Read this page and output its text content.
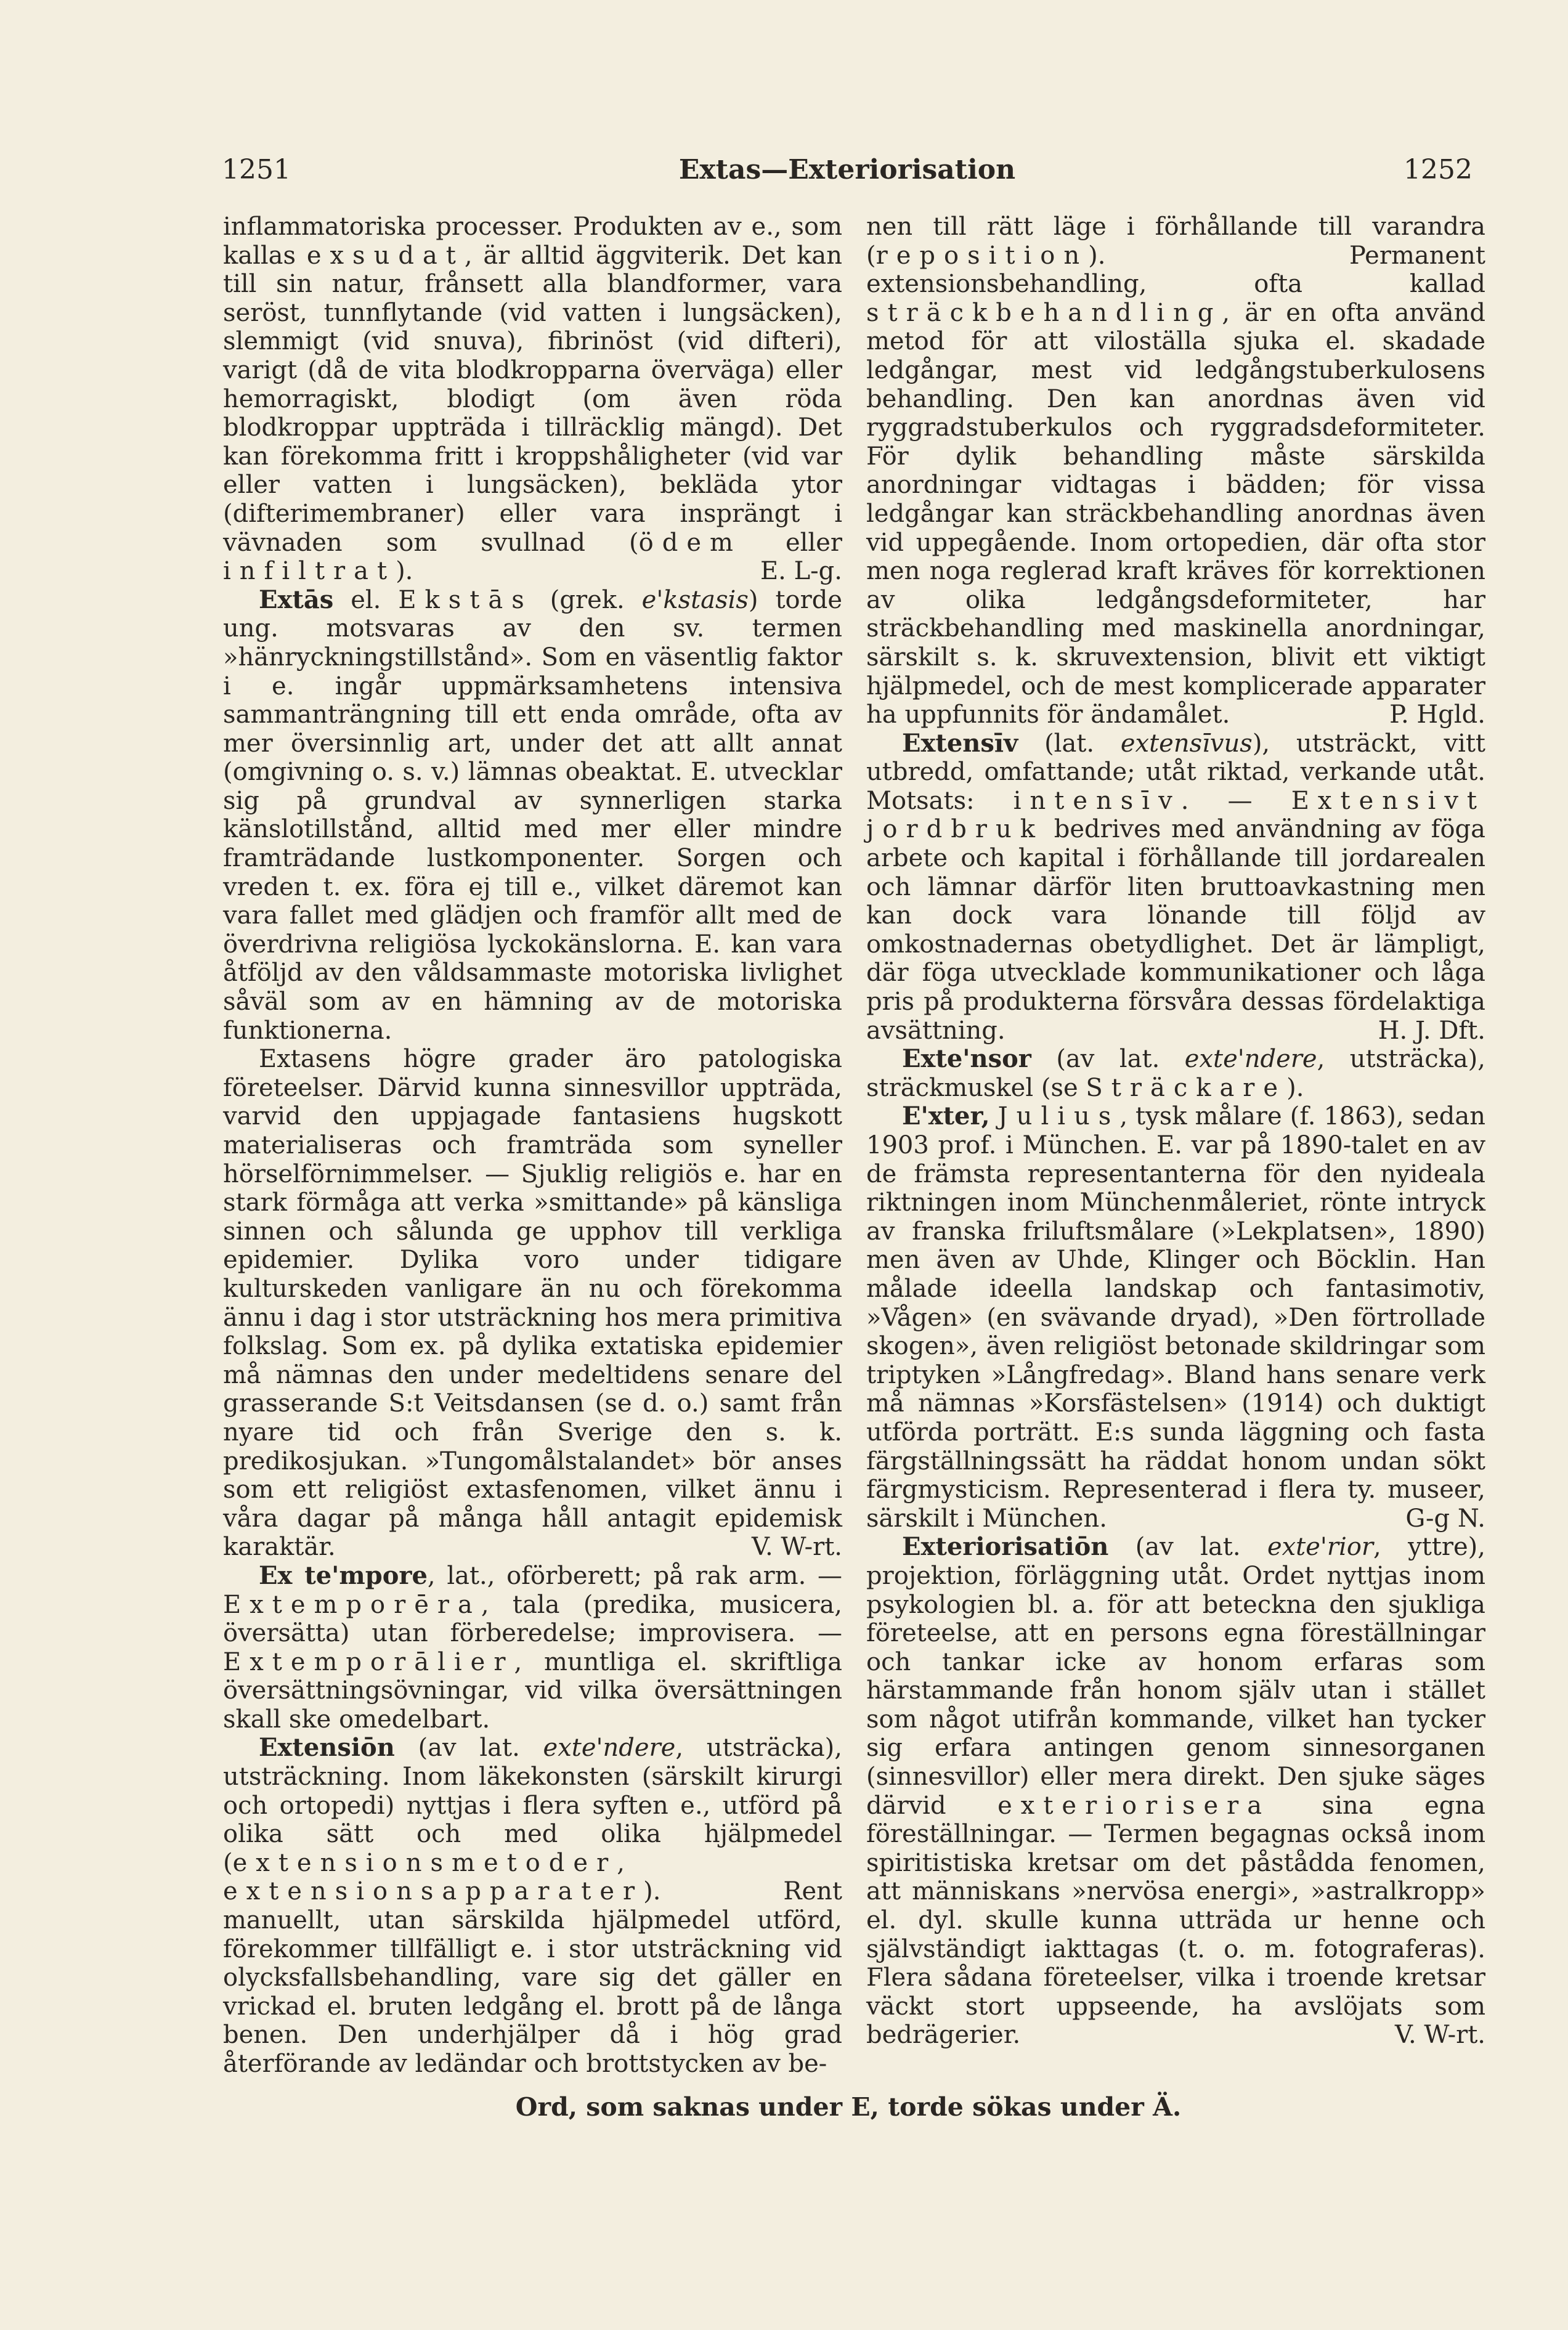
1251	Extas—Exteriorisation	1252

inflammatoriska processer. Produkten av e., som kallas exsudat, är alltid äggviterik. Det kan till sin natur, frånsett alla blandformer, vara seröst, tunnflytande (vid vatten i lungsäcken), slemmigt (vid snuva), fibrinöst (vid difteri), varigt (då de vita blodkropparna överväga) eller hemorragiskt, blodigt (om även röda blodkroppar uppträda i tillräcklig mängd). Det kan förekomma fritt i kroppshåligheter (vid var eller vatten i lungsäcken), bekläda ytor (difterimembraner) eller vara insprängt i vävnaden som svullnad (ödem eller infiltrat).	E. L-g.

Extās el. Ekstās (grek. e'kstasis) torde ung. motsvaras av den sv. termen »hänryckningstillstånd». Som en väsentlig faktor i e. ingår uppmärksamhetens intensiva sammanträngning till ett enda område, ofta av mer översinnlig art, under det att allt annat (omgivning o. s. v.) lämnas obeaktat. E. utvecklar sig på grundval av synnerligen starka känslotillstånd, alltid med mer eller mindre framträdande lustkomponenter. Sorgen och vreden t. ex. föra ej till e., vilket däremot kan vara fallet med glädjen och framför allt med de överdrivna religiösa lyckokänslorna. E. kan vara åtföljd av den våldsammaste motoriska livlighet såväl som av en hämning av de motoriska funktionerna.

Extasens högre grader äro patologiska företeelser. Därvid kunna sinnesvillor uppträda, varvid den uppjagade fantasiens hugskott materialiseras och framträda som syneller hörselförnimmelser. — Sjuklig religiös e. har en stark förmåga att verka »smittande» på känsliga sinnen och sålunda ge upphov till verkliga epidemier. Dylika voro under tidigare kulturskeden vanligare än nu och förekomma ännu i dag i stor utsträckning hos mera primitiva folkslag. Som ex. på dylika extatiska epidemier må nämnas den under medeltidens senare del grasserande S:t Veitsdansen (se d. o.) samt från nyare tid och från Sverige den s. k. predikosjukan. »Tungomålstalandet» bör anses som ett religiöst extasfenomen, vilket ännu i våra dagar på många håll antagit epidemisk karaktär.	V. W-rt.

Ex te'mpore, lat., oförberett; på rak arm. — Extemporēra, tala (predika, musicera, översätta) utan förberedelse; improvisera. — Extemporālier, muntliga el. skriftliga översättningsövningar, vid vilka översättningen skall ske omedelbart.

Extensiōn (av lat. exte'ndere, utsträcka), utsträckning. Inom läkekonsten (särskilt kirurgi och ortopedi) nyttjas i flera syften e., utförd på olika sätt och med olika hjälpmedel (extensionsmetoder, extensionsapparater). Rent manuellt, utan särskilda hjälpmedel utförd, förekommer tillfälligt e. i stor utsträckning vid olycksfallsbehandling, vare sig det gäller en vrickad el. bruten ledgång el. brott på de långa benen. Den underhjälper då i hög grad återförande av ledändar och brottstycken av be-

nen till rätt läge i förhållande till varandra (reposition). Permanent extensionsbehandling, ofta kallad sträckbehandling, är en ofta använd metod för att viloställa sjuka el. skadade ledgångar, mest vid ledgångstuberkulosens behandling. Den kan anordnas även vid ryggradstuberkulos och ryggradsdeformiteter. För dylik behandling måste särskilda anordningar vidtagas i bädden; för vissa ledgångar kan sträckbehandling anordnas även vid uppegående. Inom ortopedien, där ofta stor men noga reglerad kraft kräves för korrektionen av olika ledgångsdeformiteter, har sträckbehandling med maskinella anordningar, särskilt s. k. skruvextension, blivit ett viktigt hjälpmedel, och de mest komplicerade apparater ha uppfunnits för ändamålet.	P. Hgld.

Extensīv (lat. extensīvus), utsträckt, vitt utbredd, omfattande; utåt riktad, verkande utåt. Motsats: intensīv. — Extensivt jordbruk bedrives med användning av föga arbete och kapital i förhållande till jordarealen och lämnar därför liten bruttoavkastning men kan dock vara lönande till följd av omkostnadernas obetydlighet. Det är lämpligt, där föga utvecklade kommunikationer och låga pris på produkterna försvåra dessas fördelaktiga avsättning.	H. J. Dft.

Exte'nsor (av lat. exte'ndere, utsträcka), sträckmuskel (se Sträckare).

E'xter, Julius, tysk målare (f. 1863), sedan 1903 prof. i München. E. var på 1890-talet en av de främsta representanterna för den nyideala riktningen inom Münchenmåleriet, rönte intryck av franska friluftsmålare (»Lekplatsen», 1890) men även av Uhde, Klinger och Böcklin. Han målade ideella landskap och fantasimotiv, »Vågen» (en svävande dryad), »Den förtrollade skogen», även religiöst betonade skildringar som triptyken »Långfredag». Bland hans senare verk må nämnas »Korsfästelsen» (1914) och duktigt utförda porträtt. E:s sunda läggning och fasta färgställningssätt ha räddat honom undan sökt färgmysticism. Representerad i flera ty. museer, särskilt i München.	G-g N.

Exteriorisatiōn (av lat. exte'rior, yttre), projektion, förläggning utåt. Ordet nyttjas inom psykologien bl. a. för att beteckna den sjukliga företeelse, att en persons egna föreställningar och tankar icke av honom erfaras som härstammande från honom själv utan i stället som något utifrån kommande, vilket han tycker sig erfara antingen genom sinnesorganen (sinnesvillor) eller mera direkt. Den sjuke säges därvid exteriorisera sina egna föreställningar. — Termen begagnas också inom spiritistiska kretsar om det påstådda fenomen, att människans »nervösa energi», »astralkropp» el. dyl. skulle kunna utträda ur henne och självständigt iakttagas (t. o. m. fotograferas). Flera sådana företeelser, vilka i troende kretsar väckt stort uppseende, ha avslöjats som bedrägerier.	V. W-rt.

Ord, som saknas under E, torde sökas under Ä.
